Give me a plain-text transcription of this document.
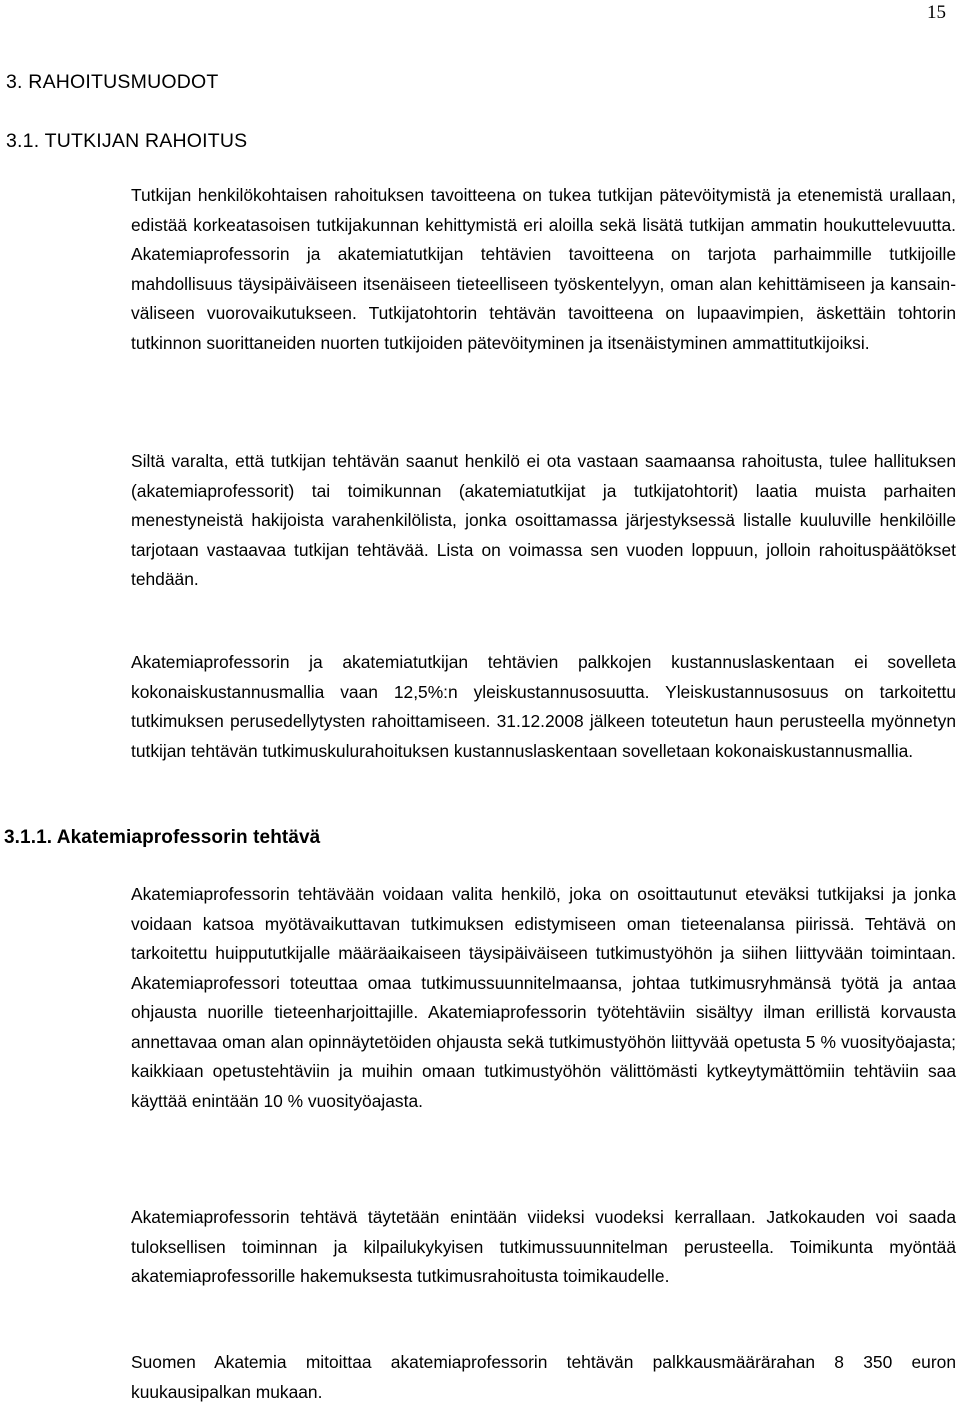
15
3. RAHOITUSMUODOT
3.1. TUTKIJAN RAHOITUS

Tutkijan henkilökohtaisen rahoituksen tavoitteena on tukea tutkijan pätevöitymistä ja etenemistä urallaan, edistää korkeatasoisen tutkijakunnan kehittymistä eri aloilla sekä lisätä tutkijan ammatin houkuttelevuutta. Akatemiaprofessorin ja akatemiatutkijan tehtävien tavoitteena on tarjota parhaimmille tutkijoille mahdollisuus täysipäiväiseen itsenäiseen tieteelliseen työskentelyyn, oman alan kehittämiseen ja kansainväliseen vuorovaikutukseen. Tutkijatohtorin tehtävän tavoitteena on lupaavimpien, äskettäin tohtorin tutkinnon suorittaneiden nuorten tutkijoiden pätevöityminen ja itsenäistyminen ammattitutkijoiksi.

Siltä varalta, että tutkijan tehtävän saanut henkilö ei ota vastaan saamaansa rahoitusta, tulee hallituksen (akatemiaprofessorit) tai toimikunnan (akatemiatutkijat ja tutkijatohtorit) laatia muista parhaiten menestyneistä hakijoista varahenkilölista, jonka osoittamassa järjestyksessä listalle kuuluville henkilöille tarjotaan vastaavaa tutkijan tehtävää. Lista on voimassa sen vuoden loppuun, jolloin rahoituspäätökset tehdään.

Akatemiaprofessorin ja akatemiatutkijan tehtävien palkkojen kustannuslaskentaan ei sovelleta kokonaiskustannusmallia vaan 12,5%:n yleiskustannusosuutta. Yleiskustannusosuus on tarkoitettu tutkimuksen perusedellytysten rahoittamiseen. 31.12.2008 jälkeen toteutetun haun perusteella myönnetyn tutkijan tehtävän tutkimuskulurahoituksen kustannuslaskentaan sovelletaan kokonaiskustannusmallia.

3.1.1. Akatemiaprofessorin tehtävä

Akatemiaprofessorin tehtävään voidaan valita henkilö, joka on osoittautunut eteväksi tutkijaksi ja jonka voidaan katsoa myötävaikuttavan tutkimuksen edistymiseen oman tieteenalansa piirissä. Tehtävä on tarkoitettu huippututkijalle määräaikaiseen täysipäiväiseen tutkimustyöhön ja siihen liittyvään toimintaan. Akatemiaprofessori toteuttaa omaa tutkimussuunnitelmaansa, johtaa tutkimusryhmänsä työtä ja antaa ohjausta nuorille tieteenharjoittajille. Akatemiaprofessorin työtehtäviin sisältyy ilman erillistä korvausta annettavaa oman alan opinnäytetöiden ohjausta sekä tutkimustyöhön liittyvää opetusta 5 % vuosityöajasta; kaikkiaan opetustehtäviin ja muihin omaan tutkimustyöhön välittömästi kytkeytymättömiin tehtäviin saa käyttää enintään 10 % vuosityöajasta.

Akatemiaprofessorin tehtävä täytetään enintään viideksi vuodeksi kerrallaan. Jatkokauden voi saada tuloksellisen toiminnan ja kilpailukykyisen tutkimussuunnitelman perusteella. Toimikunta myöntää akatemiaprofessorille hakemuksesta tutkimusrahoitusta toimikaudelle.

Suomen Akatemia mitoittaa akatemiaprofessorin tehtävän palkkausmäärärahan 8 350 euron kuukausipalkan mukaan.
